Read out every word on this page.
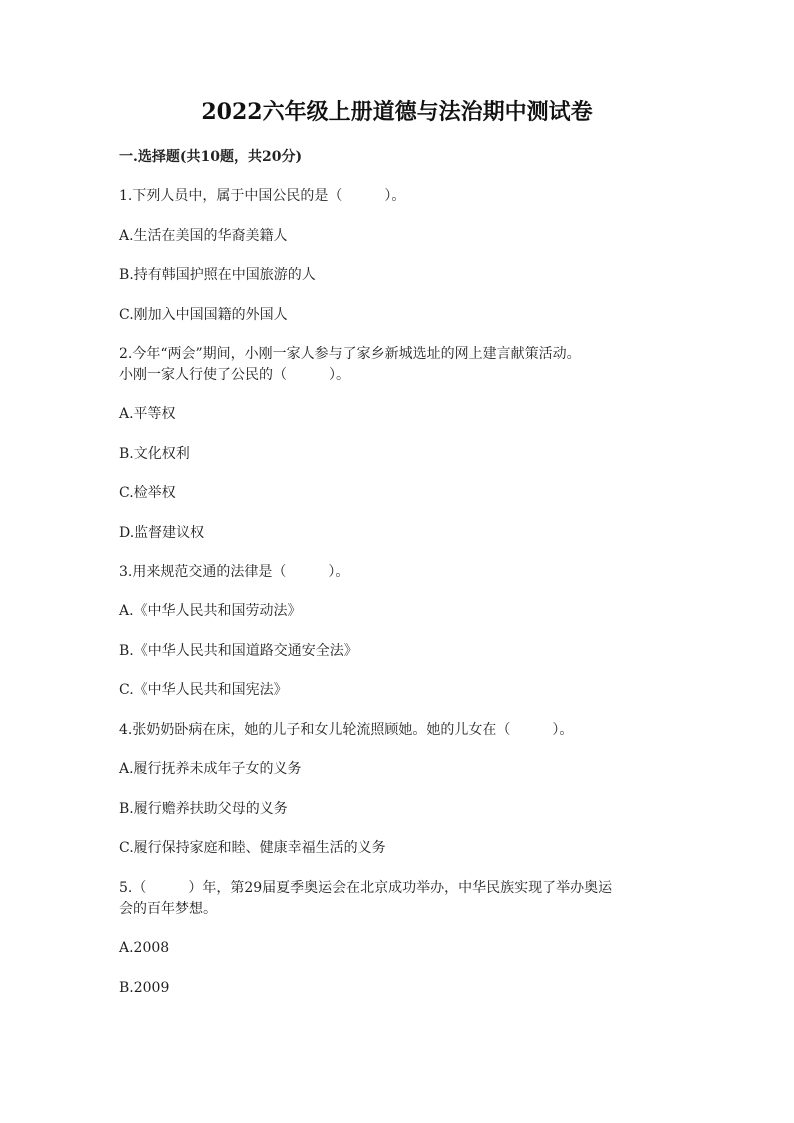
2022六年级上册道德与法治期中测试卷
一.选择题(共10题，共20分)
1.下列人员中，属于中国公民的是（　　　）。
A.生活在美国的华裔美籍人
B.持有韩国护照在中国旅游的人
C.刚加入中国国籍的外国人
2.今年“两会”期间，小刚一家人参与了家乡新城选址的网上建言献策活动。
小刚一家人行使了公民的（　　　）。
A.平等权
B.文化权利
C.检举权
D.监督建议权
3.用来规范交通的法律是（　　　）。
A.《中华人民共和国劳动法》
B.《中华人民共和国道路交通安全法》
C.《中华人民共和国宪法》
4.张奶奶卧病在床，她的儿子和女儿轮流照顾她。她的儿女在（　　　）。
A.履行抚养未成年子女的义务
B.履行赡养扶助父母的义务
C.履行保持家庭和睦、健康幸福生活的义务
5.（　　　）年，第29届夏季奥运会在北京成功举办，中华民族实现了举办奥运
会的百年梦想。
A.2008
B.2009
